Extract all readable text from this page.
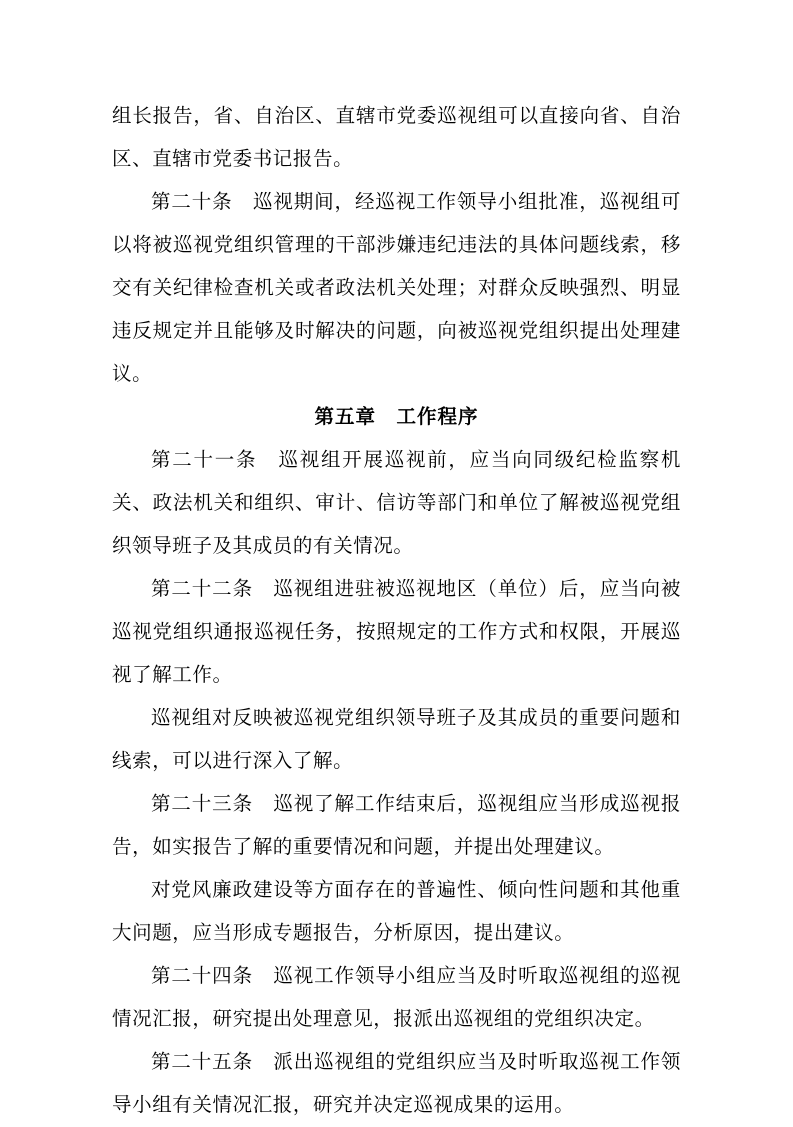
组长报告，省、自治区、直辖市党委巡视组可以直接向省、自治区、直辖市党委书记报告。

第二十条　巡视期间，经巡视工作领导小组批准，巡视组可以将被巡视党组织管理的干部涉嫌违纪违法的具体问题线索，移交有关纪律检查机关或者政法机关处理；对群众反映强烈、明显违反规定并且能够及时解决的问题，向被巡视党组织提出处理建议。

第五章　工作程序

第二十一条　巡视组开展巡视前，应当向同级纪检监察机关、政法机关和组织、审计、信访等部门和单位了解被巡视党组织领导班子及其成员的有关情况。

第二十二条　巡视组进驻被巡视地区（单位）后，应当向被巡视党组织通报巡视任务，按照规定的工作方式和权限，开展巡视了解工作。

巡视组对反映被巡视党组织领导班子及其成员的重要问题和线索，可以进行深入了解。

第二十三条　巡视了解工作结束后，巡视组应当形成巡视报告，如实报告了解的重要情况和问题，并提出处理建议。

对党风廉政建设等方面存在的普遍性、倾向性问题和其他重大问题，应当形成专题报告，分析原因，提出建议。

第二十四条　巡视工作领导小组应当及时听取巡视组的巡视情况汇报，研究提出处理意见，报派出巡视组的党组织决定。

第二十五条　派出巡视组的党组织应当及时听取巡视工作领导小组有关情况汇报，研究并决定巡视成果的运用。
